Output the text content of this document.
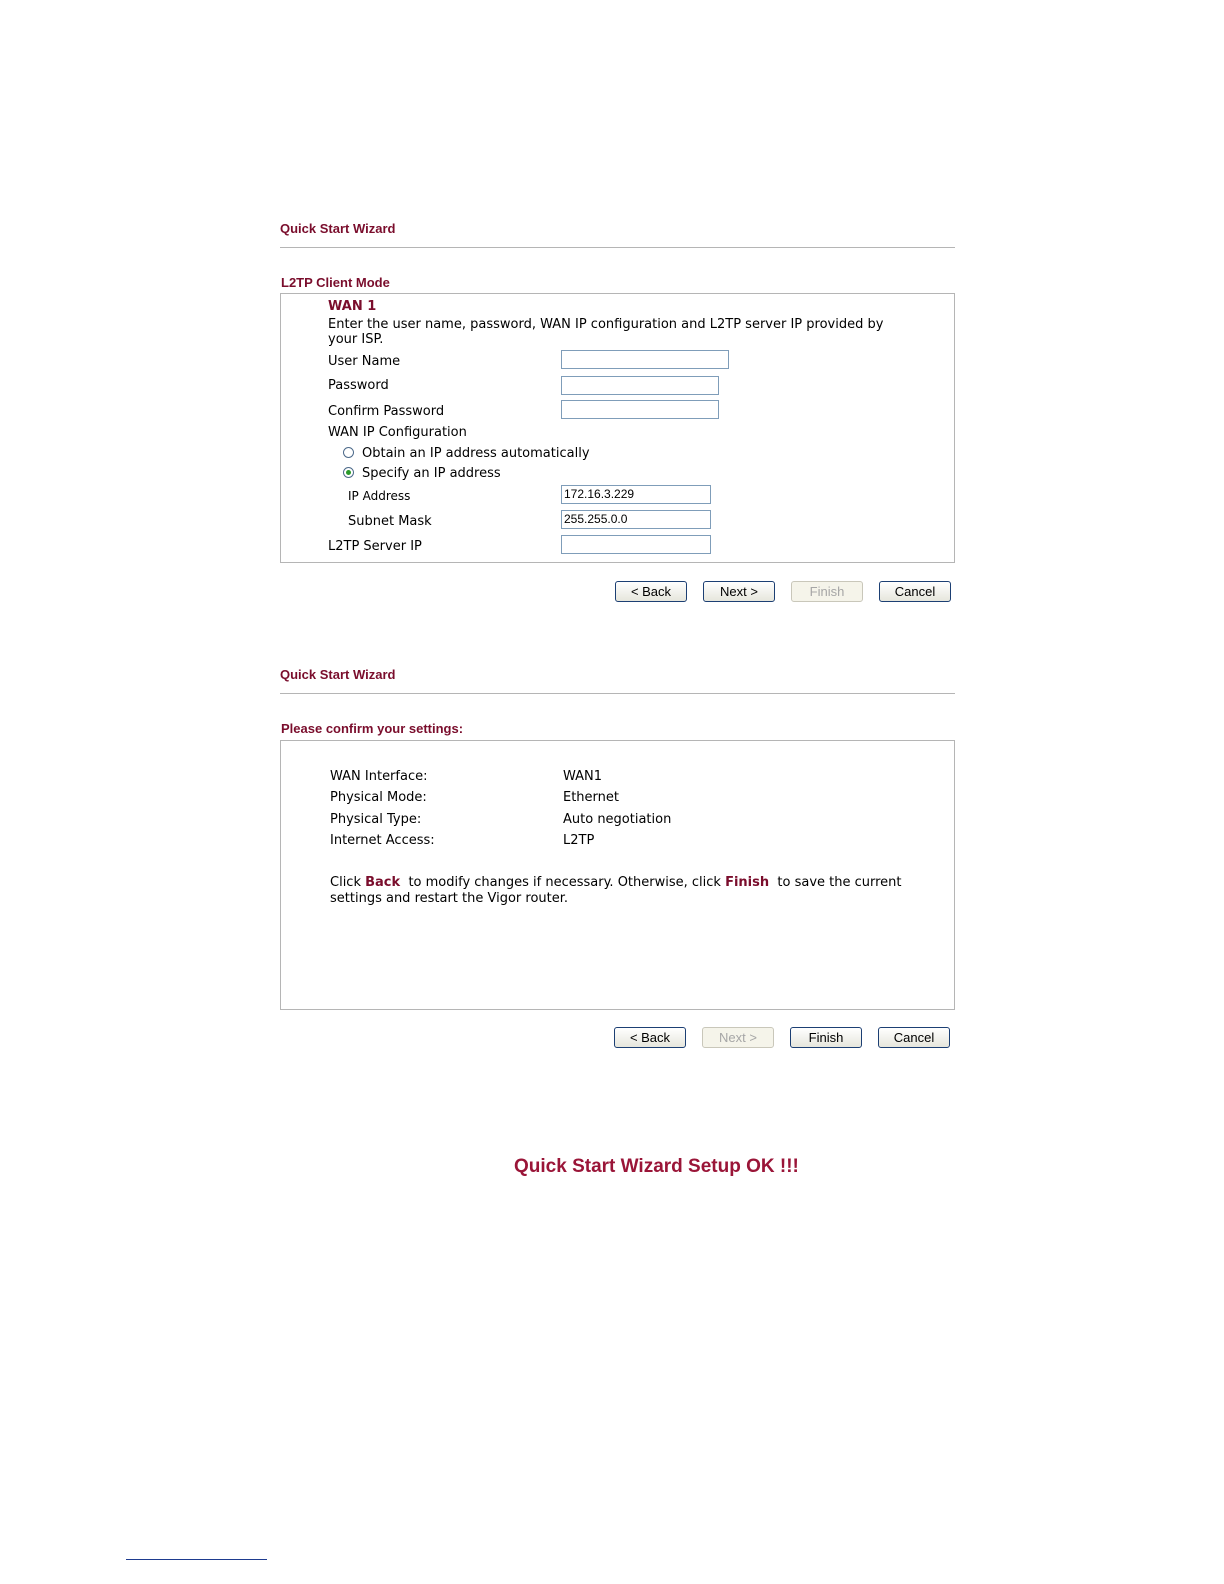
Quick Start Wizard
L2TP Client Mode
WAN 1
Enter the user name, password, WAN IP configuration and L2TP server IP provided by
your ISP.
User Name
Password
Confirm Password
WAN IP Configuration
Obtain an IP address automatically
Specify an IP address
IP Address	172.16.3.229
Subnet Mask	255.255.0.0
L2TP Server IP
< Back	Next >	Finish	Cancel
Quick Start Wizard
Please confirm your settings:
WAN Interface:	WAN1
Physical Mode:	Ethernet
Physical Type:	Auto negotiation
Internet Access:	L2TP
Click Back to modify changes if necessary. Otherwise, click Finish to save the current
settings and restart the Vigor router.
< Back	Next >	Finish	Cancel
Quick Start Wizard Setup OK !!!
